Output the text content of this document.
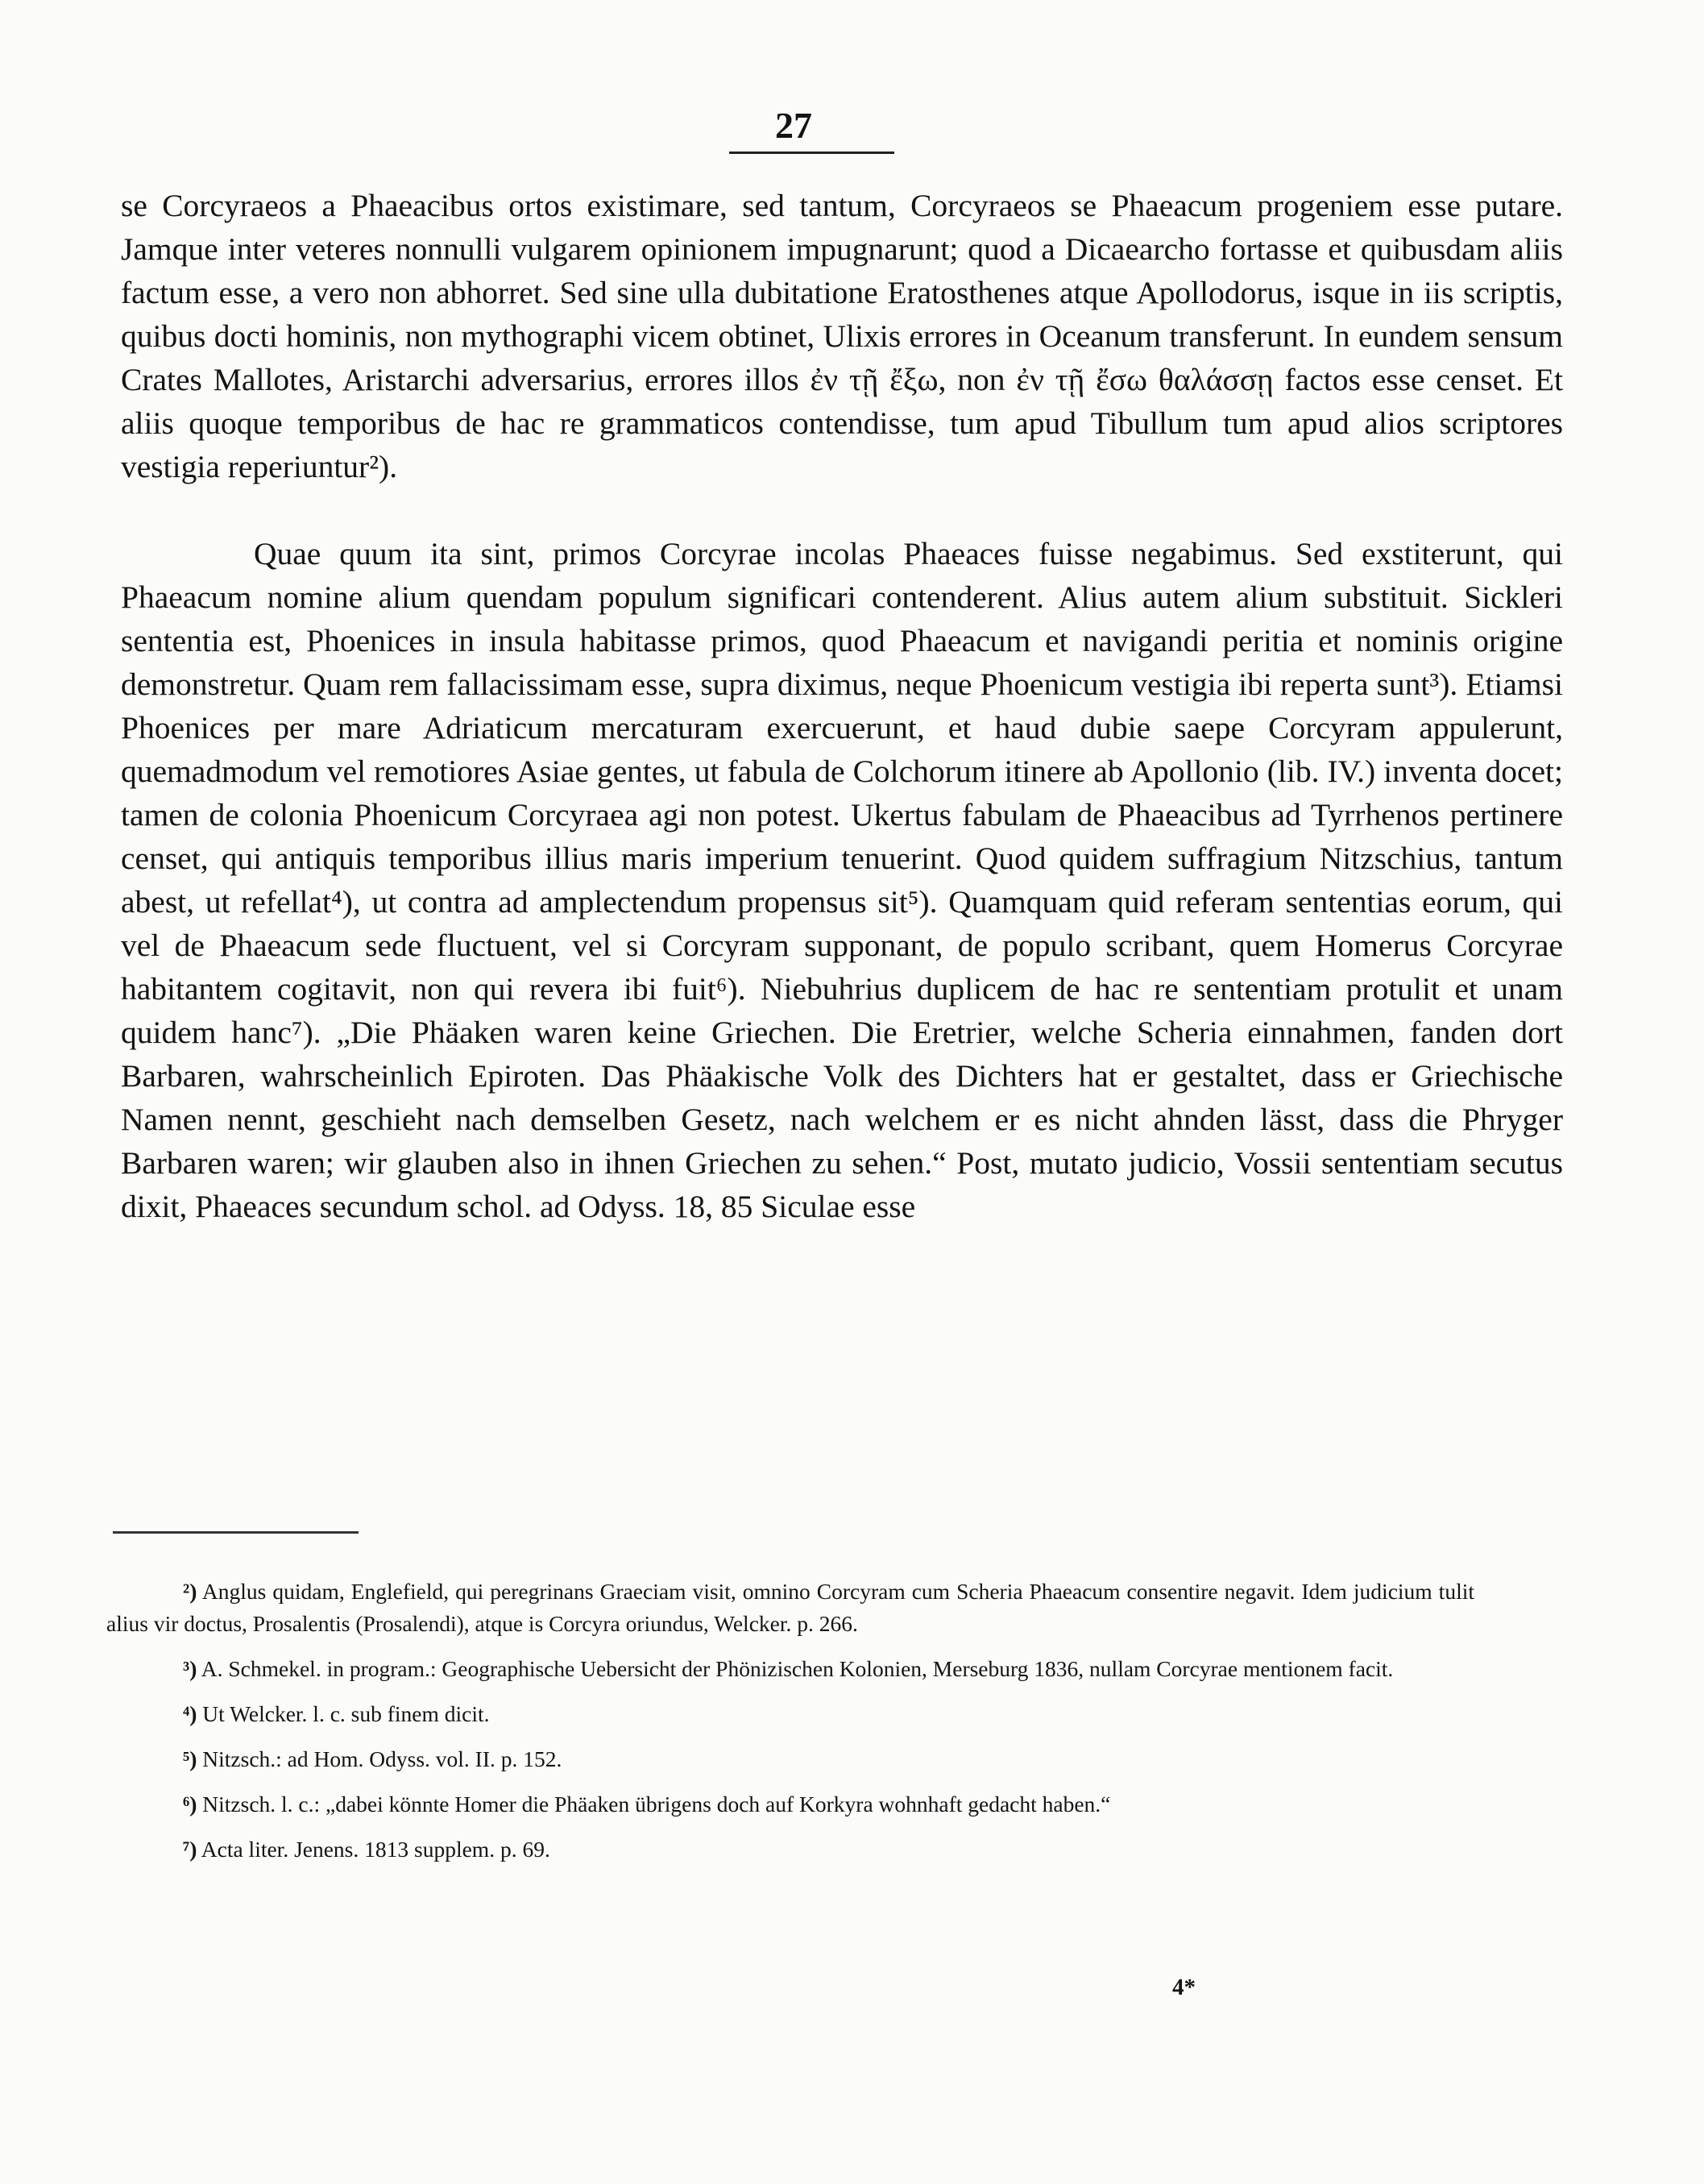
27

se Corcyraeos a Phaeacibus ortos existimare, sed tantum, Corcyraeos se Phaeacum progeniem esse putare. Jamque inter veteres nonnulli vulgarem opinionem impugnarunt; quod a Dicaearcho fortasse et quibusdam aliis factum esse, a vero non abhorret. Sed sine ulla dubitatione Eratosthenes atque Apollodorus, isque in iis scriptis, quibus docti hominis, non mythographi vicem obtinet, Ulixis errores in Oceanum transferunt. In eundem sensum Crates Mallotes, Aristarchi adversarius, errores illos ἐν τῇ ἔξω, non ἐν τῇ ἔσω θαλάσσῃ factos esse censet. Et aliis quoque temporibus de hac re grammaticos contendisse, tum apud Tibullum tum apud alios scriptores vestigia reperiuntur²).

Quae quum ita sint, primos Corcyrae incolas Phaeaces fuisse negabimus. Sed exstiterunt, qui Phaeacum nomine alium quendam populum significari contenderent. Alius autem alium substituit. Sickleri sententia est, Phoenices in insula habitasse primos, quod Phaeacum et navigandi peritia et nominis origine demonstretur. Quam rem fallacissimam esse, supra diximus, neque Phoenicum vestigia ibi reperta sunt³). Etiamsi Phoenices per mare Adriaticum mercaturam exercuerunt, et haud dubie saepe Corcyram appulerunt, quemadmodum vel remotiores Asiae gentes, ut fabula de Colchorum itinere ab Apollonio (lib. IV.) inventa docet; tamen de colonia Phoenicum Corcyraea agi non potest. Ukertus fabulam de Phaeacibus ad Tyrrhenos pertinere censet, qui antiquis temporibus illius maris imperium tenuerint. Quod quidem suffragium Nitzschius, tantum abest, ut refellat⁴), ut contra ad amplectendum propensus sit⁵). Quamquam quid referam sententias eorum, qui vel de Phaeacum sede fluctuent, vel si Corcyram supponant, de populo scribant, quem Homerus Corcyrae habitantem cogitavit, non qui revera ibi fuit⁶). Niebuhrius duplicem de hac re sententiam protulit et unam quidem hanc⁷). „Die Phäaken waren keine Griechen. Die Eretrier, welche Scheria einnahmen, fanden dort Barbaren, wahrscheinlich Epiroten. Das Phäakische Volk des Dichters hat er gestaltet, dass er Griechische Namen nennt, geschieht nach demselben Gesetz, nach welchem er es nicht ahnden lässt, dass die Phryger Barbaren waren; wir glauben also in ihnen Griechen zu sehen.“ Post, mutato judicio, Vossii sententiam secutus dixit, Phaeaces secundum schol. ad Odyss. 18, 85 Siculae esse

²) Anglus quidam, Englefield, qui peregrinans Graeciam visit, omnino Corcyram cum Scheria Phaeacum consentire negavit. Idem judicium tulit alius vir doctus, Prosalentis (Prosalendi), atque is Corcyra oriundus, Welcker. p. 266.

³) A. Schmekel. in program.: Geographische Uebersicht der Phönizischen Kolonien, Merseburg 1836, nullam Corcyrae mentionem facit.

⁴) Ut Welcker. l. c. sub finem dicit.

⁵) Nitzsch.: ad Hom. Odyss. vol. II. p. 152.

⁶) Nitzsch. l. c.: „dabei könnte Homer die Phäaken übrigens doch auf Korkyra wohnhaft gedacht haben.“

⁷) Acta liter. Jenens. 1813 supplem. p. 69.

4*
